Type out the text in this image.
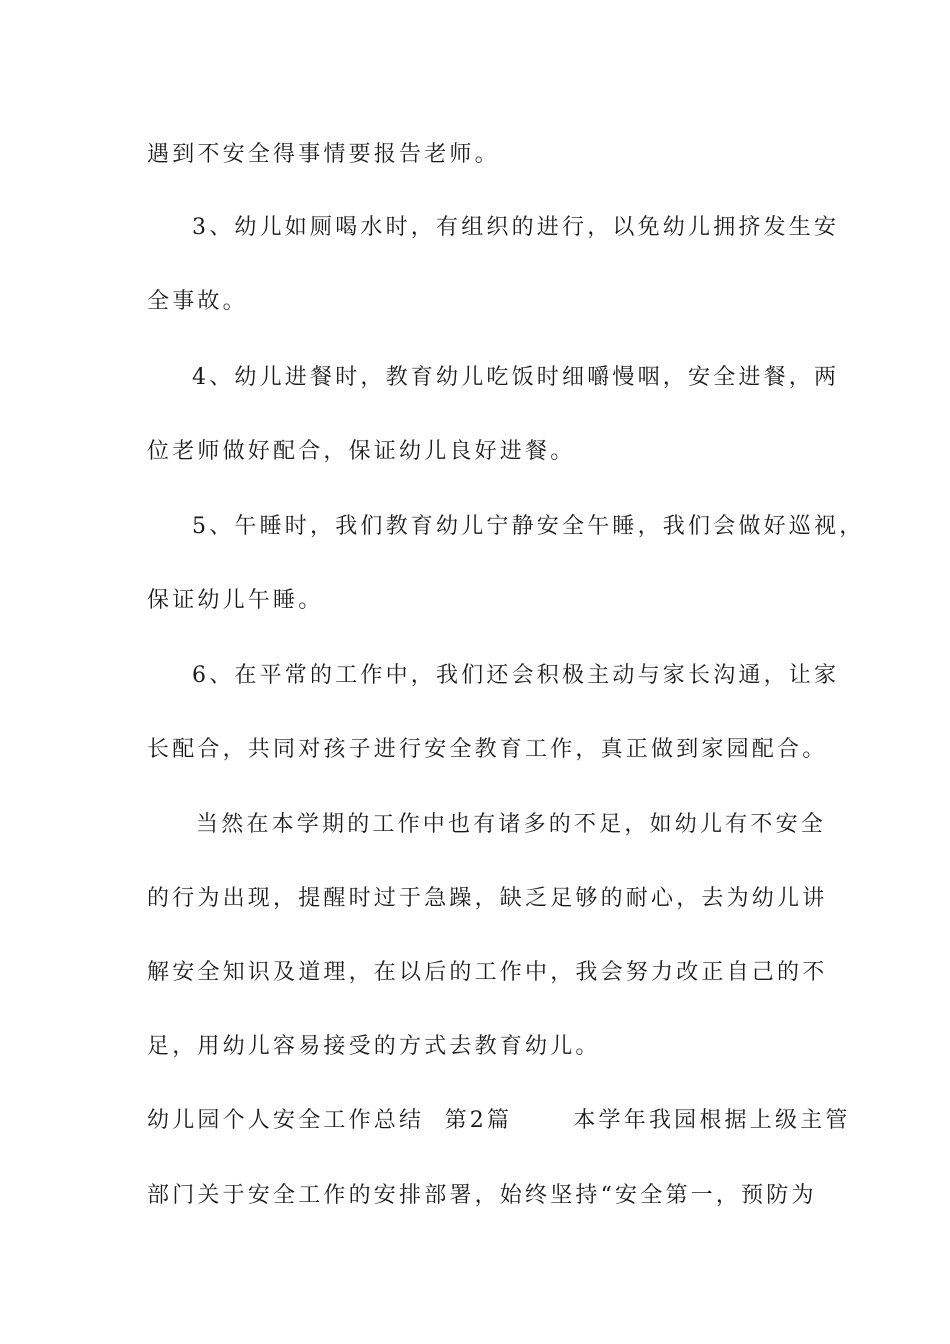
遇到不安全得事情要报告老师。
3、幼儿如厕喝水时，有组织的进行，以免幼儿拥挤发生安
全事故。
4、幼儿进餐时，教育幼儿吃饭时细嚼慢咽，安全进餐，两
位老师做好配合，保证幼儿良好进餐。
5、午睡时，我们教育幼儿宁静安全午睡，我们会做好巡视，
保证幼儿午睡。
6、在平常的工作中，我们还会积极主动与家长沟通，让家
长配合，共同对孩子进行安全教育工作，真正做到家园配合。
当然在本学期的工作中也有诸多的不足，如幼儿有不安全
的行为出现，提醒时过于急躁，缺乏足够的耐心，去为幼儿讲
解安全知识及道理，在以后的工作中，我会努力改正自己的不
足，用幼儿容易接受的方式去教育幼儿。
幼儿园个人安全工作总结  第2篇      本学年我园根据上级主管
部门关于安全工作的安排部署，始终坚持“安全第一，预防为
